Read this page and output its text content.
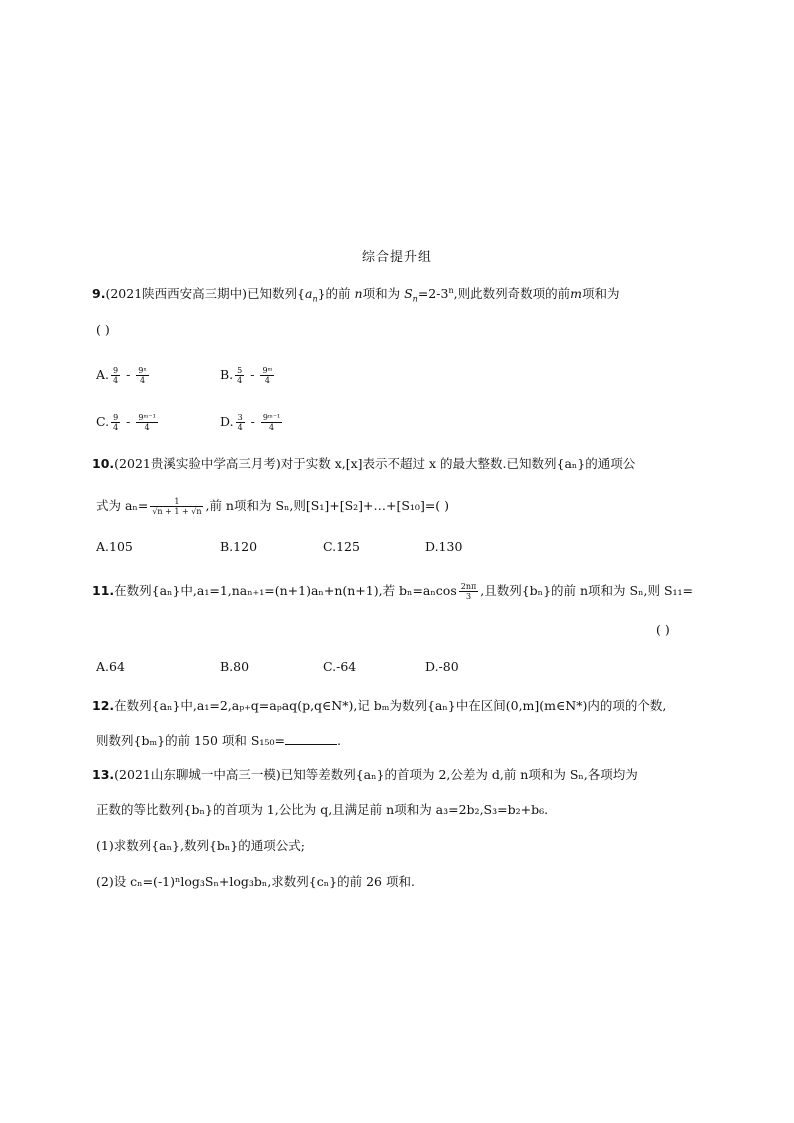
综合提升组
9.(2021陕西西安高三期中)已知数列$\{a_n\}$的前 n项和为 $S_n=2-3^n$,则此数列奇数项的前m项和为
( )
A. $\frac{9}{4} - \frac{\text{9ⁿ}}{4}$	B. $\frac{5}{4} - \frac{\text{9ᵐ}}{4}$
C. $\frac{9}{4} - \frac{\text{9ᵐ⁻¹}}{4}$	D. $\frac{3}{4} - \frac{\text{9ᵐ⁻¹}}{4}$
10.(2021贵溪实验中学高三月考)对于实数 x,[x]表示不超过 x 的最大整数.已知数列{aₙ}的通项公
式为 $a_n= \frac{1}{√n + 1 + √n}$ ,前 n项和为 Sₙ,则[S₁]+[S₂]+…+[S₁₀]=( )
A.105	B.120	C.125	D.130
11.在数列{aₙ}中,a₁=1,naₙ₊₁=(n+1)aₙ+n(n+1),若 $b_n=a_n\cos \frac{2n\pi}{3}$ ,且数列{bₙ}的前 n项和为 Sₙ,则 S₁₁=
( )
A.64	B.80	C.-64	D.-80
12.在数列{aₙ}中,a₁=2,aₚ₊q=aₚaq(p,q∈N*),记 bₘ为数列{aₙ}中在区间(0,m](m∈N*)内的项的个数,
则数列{bₘ}的前 150 项和 S₁₅₀=	.
13.(2021山东聊城一中高三一模)已知等差数列{aₙ}的首项为 2,公差为 d,前 n项和为 Sₙ,各项均为
正数的等比数列{bₙ}的首项为 1,公比为 q,且满足前 n项和为 a₃=2b₂,S₃=b₂+b₆.
(1)求数列{aₙ},数列{bₙ}的通项公式;
(2)设 cₙ=(-1)ⁿlog₃Sₙ+log₃bₙ,求数列{cₙ}的前 26 项和.
